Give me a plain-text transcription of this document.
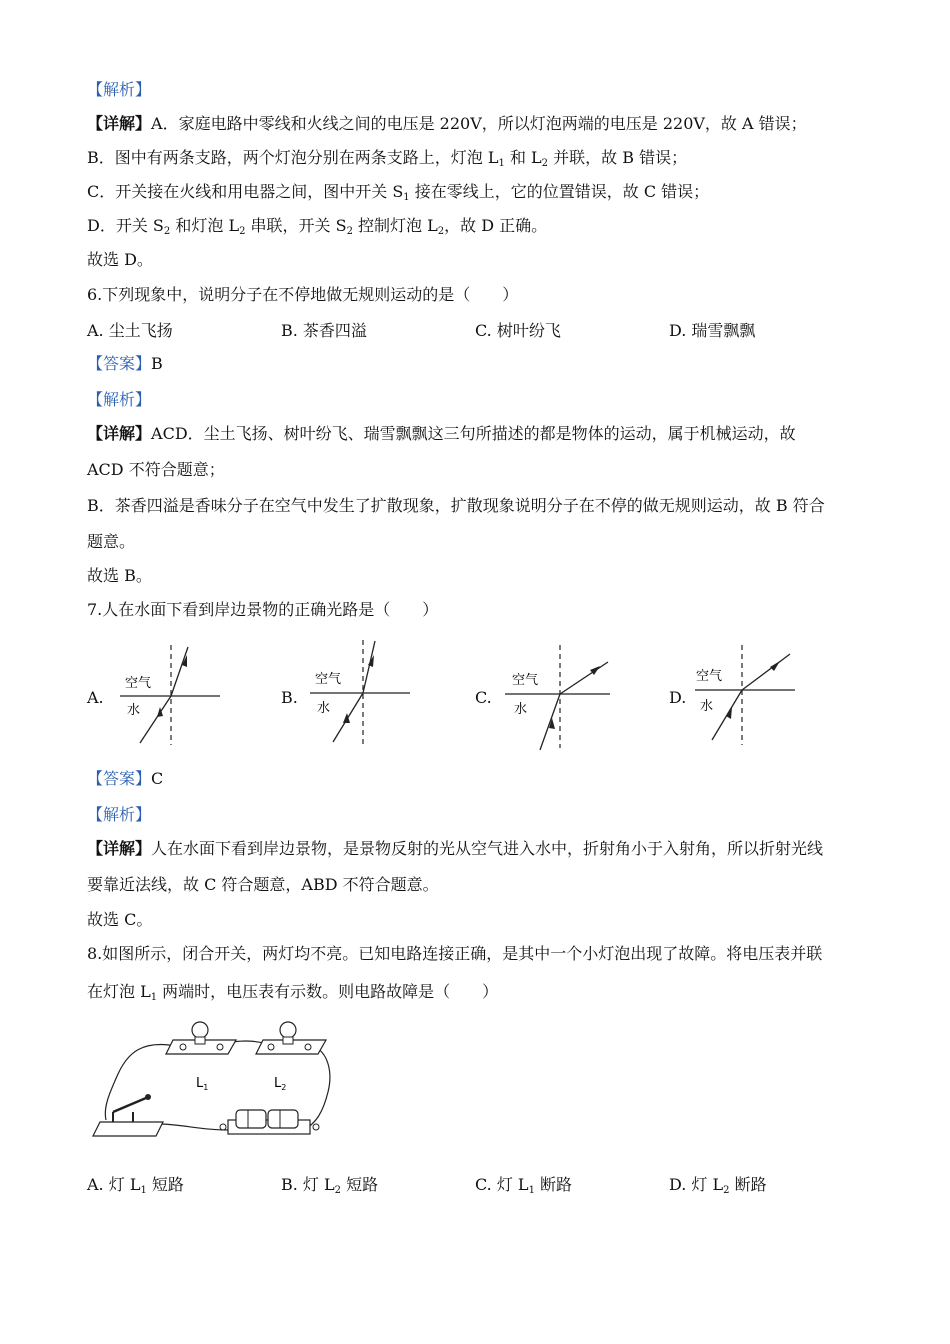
【解析】
【详解】A．家庭电路中零线和火线之间的电压是 220V，所以灯泡两端的电压是 220V，故 A 错误；
B．图中有两条支路，两个灯泡分别在两条支路上，灯泡 $L_1$ 和 $L_2$ 并联，故 B 错误；
C．开关接在火线和用电器之间，图中开关 $S_1$ 接在零线上，它的位置错误，故 C 错误；
D．开关 $S_2$ 和灯泡 $L_2$ 串联，开关 $S_2$ 控制灯泡 $L_2$，故 D 正确。
故选 D。
6.下列现象中，说明分子在不停地做无规则运动的是（　　）
A. 尘土飞扬	B. 茶香四溢	C. 树叶纷飞	D. 瑞雪飘飘
【答案】B
【解析】
【详解】ACD．尘土飞扬、树叶纷飞、瑞雪飘飘这三句所描述的都是物体的运动，属于机械运动，故
ACD 不符合题意；
B．茶香四溢是香味分子在空气中发生了扩散现象，扩散现象说明分子在不停的做无规则运动，故 B 符合
题意。
故选 B。
7.人在水面下看到岸边景物的正确光路是（　　）
A.
空气
水
B.
空气
水
C.
空气
水
D.
空气
水
【答案】C
【解析】
【详解】人在水面下看到岸边景物，是景物反射的光从空气进入水中，折射角小于入射角，所以折射光线
要靠近法线，故 C 符合题意，ABD 不符合题意。
故选 C。
8.如图所示，闭合开关，两灯均不亮。已知电路连接正确，是其中一个小灯泡出现了故障。将电压表并联
在灯泡 $L_1$ 两端时，电压表有示数。则电路故障是（　　）
$L_1$	$L_2$
A. 灯 $L_1$ 短路	B. 灯 $L_2$ 短路	C. 灯 $L_1$ 断路	D. 灯 $L_2$ 断路
